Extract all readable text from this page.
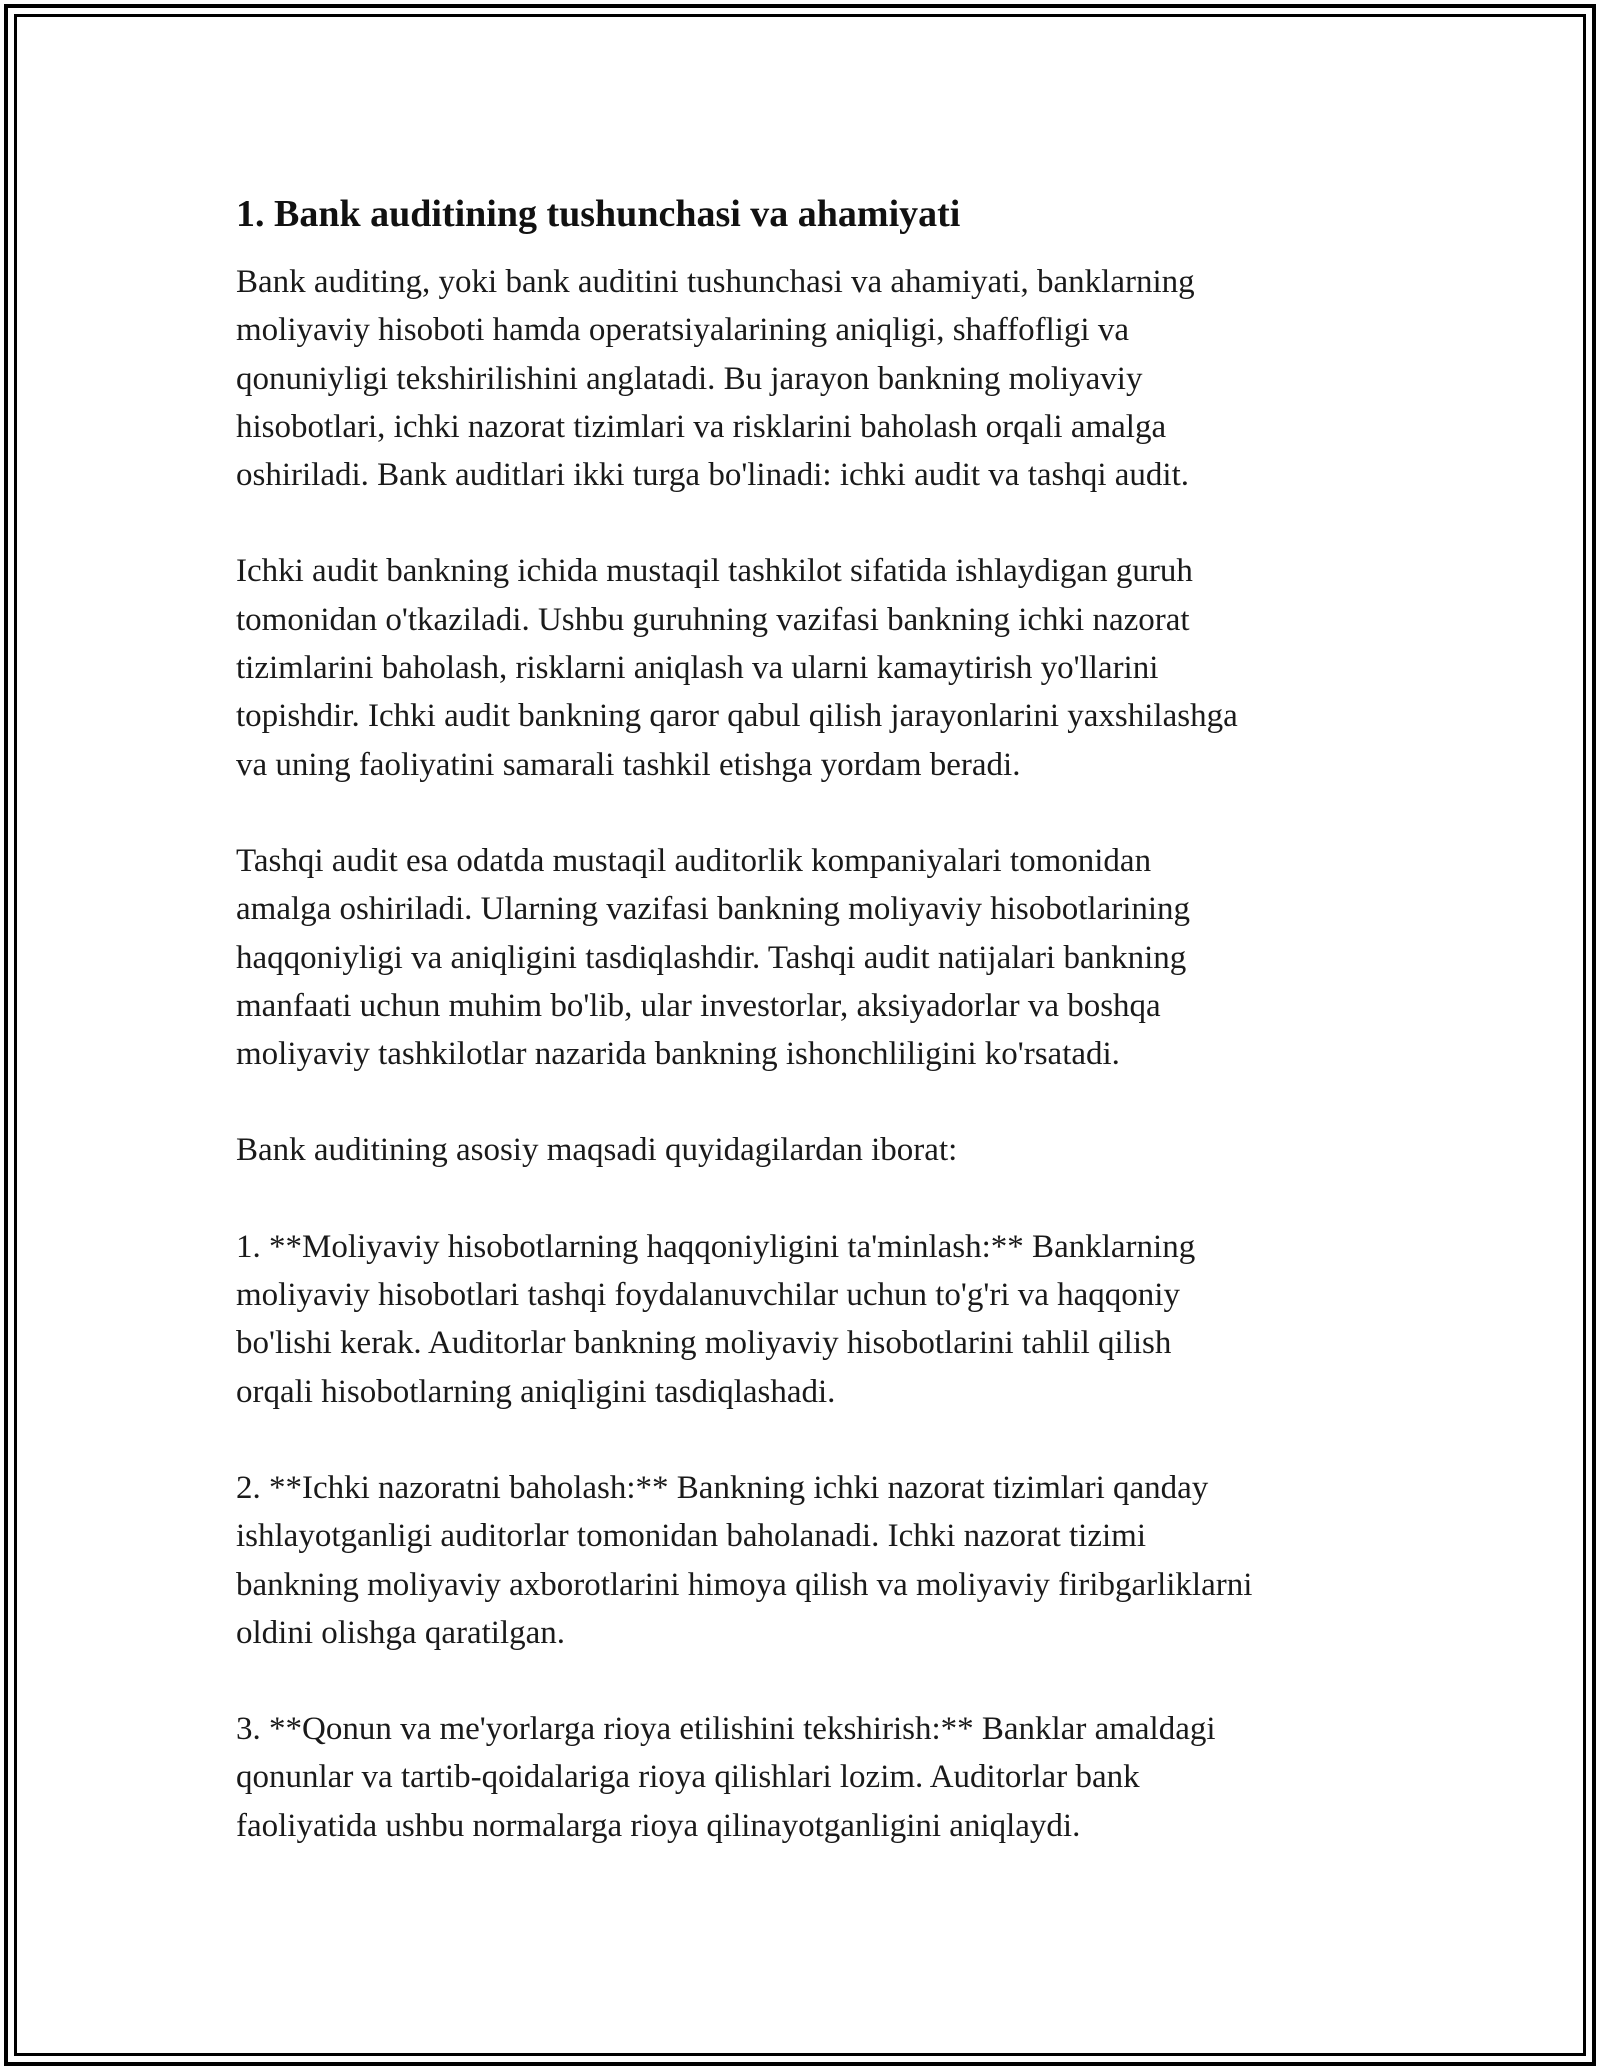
1. Bank auditining tushunchasi va ahamiyati

Bank auditing, yoki bank auditini tushunchasi va ahamiyati, banklarning
moliyaviy hisoboti hamda operatsiyalarining aniqligi, shaffofligi va
qonuniyligi tekshirilishini anglatadi. Bu jarayon bankning moliyaviy
hisobotlari, ichki nazorat tizimlari va risklarini baholash orqali amalga
oshiriladi. Bank auditlari ikki turga bo'linadi: ichki audit va tashqi audit.

Ichki audit bankning ichida mustaqil tashkilot sifatida ishlaydigan guruh
tomonidan o'tkaziladi. Ushbu guruhning vazifasi bankning ichki nazorat
tizimlarini baholash, risklarni aniqlash va ularni kamaytirish yo'llarini
topishdir. Ichki audit bankning qaror qabul qilish jarayonlarini yaxshilashga
va uning faoliyatini samarali tashkil etishga yordam beradi.

Tashqi audit esa odatda mustaqil auditorlik kompaniyalari tomonidan
amalga oshiriladi. Ularning vazifasi bankning moliyaviy hisobotlarining
haqqoniyligi va aniqligini tasdiqlashdir. Tashqi audit natijalari bankning
manfaati uchun muhim bo'lib, ular investorlar, aksiyadorlar va boshqa
moliyaviy tashkilotlar nazarida bankning ishonchliligini ko'rsatadi.

Bank auditining asosiy maqsadi quyidagilardan iborat:

1. **Moliyaviy hisobotlarning haqqoniyligini ta'minlash:** Banklarning
moliyaviy hisobotlari tashqi foydalanuvchilar uchun to'g'ri va haqqoniy
bo'lishi kerak. Auditorlar bankning moliyaviy hisobotlarini tahlil qilish
orqali hisobotlarning aniqligini tasdiqlashadi.

2. **Ichki nazoratni baholash:** Bankning ichki nazorat tizimlari qanday
ishlayotganligi auditorlar tomonidan baholanadi. Ichki nazorat tizimi
bankning moliyaviy axborotlarini himoya qilish va moliyaviy firibgarliklarni
oldini olishga qaratilgan.

3. **Qonun va me'yorlarga rioya etilishini tekshirish:** Banklar amaldagi
qonunlar va tartib-qoidalariga rioya qilishlari lozim. Auditorlar bank
faoliyatida ushbu normalarga rioya qilinayotganligini aniqlaydi.
